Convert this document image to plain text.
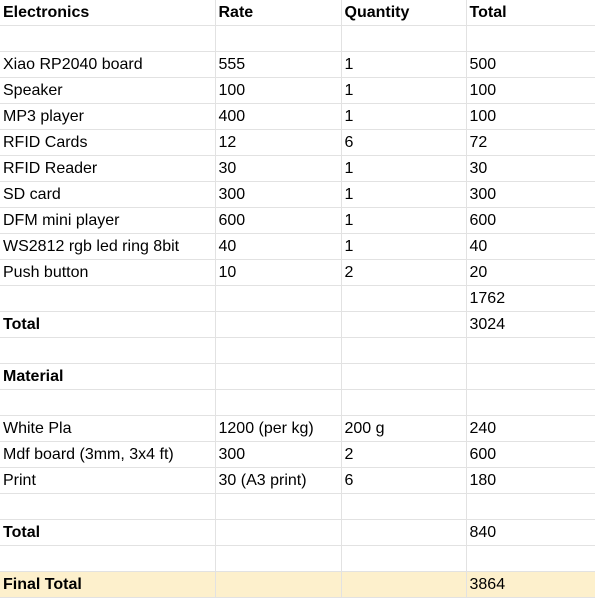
Electronics	Rate	Quantity	Total

Xiao RP2040 board	555	1	500
Speaker	100	1	100
MP3 player	400	1	100
RFID Cards	12	6	72
RFID Reader	30	1	30
SD card	300	1	300
DFM mini player	600	1	600
WS2812 rgb led ring 8bit	40	1	40
Push button	10	2	20
			1762
Total			3024

Material			

White Pla	1200 (per kg)	200 g	240
Mdf board (3mm, 3x4 ft)	300	2	600
Print	30 (A3 print)	6	180

Total			840

Final Total			3864
